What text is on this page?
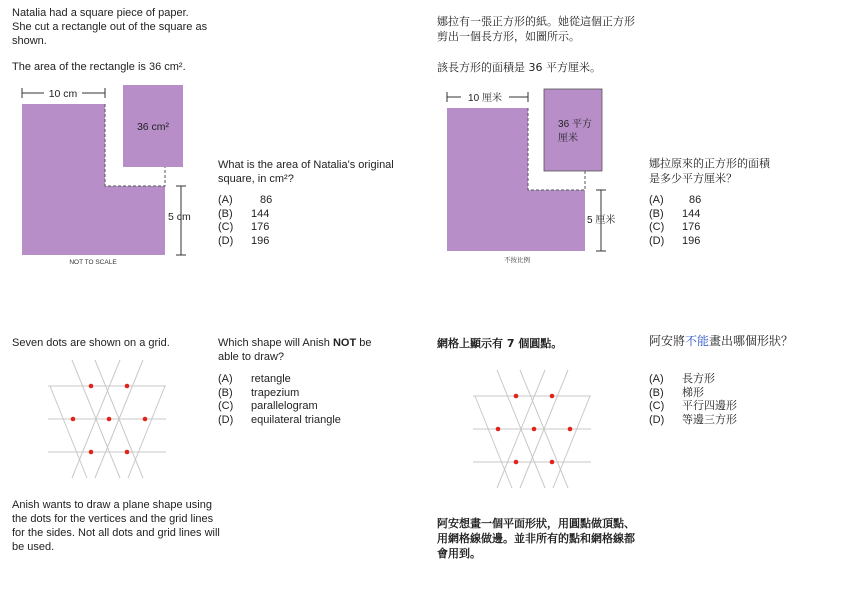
Natalia had a square piece of paper.
She cut a rectangle out of the square as
shown.
The area of the rectangle is 36 cm².
10 cm
36 cm²
5 cm
NOT TO SCALE
What is the area of Natalia's original
square, in cm²?
(A) 86
(B) 144
(C) 176
(D) 196
娜拉有一張正方形的紙。她從這個正方形
剪出一個長方形，如圖所示。
該長方形的面積是 36 平方厘米。
10 厘米
36 平方
厘米
5 厘米
不按比例
娜拉原來的正方形的面積
是多少平方厘米？
(A) 86
(B) 144
(C) 176
(D) 196
Seven dots are shown on a grid.	Which shape will Anish NOT be
able to draw?
(A) retangle
(B) trapezium
(C) parallelogram
(D) equilateral triangle
Anish wants to draw a plane shape using
the dots for the vertices and the grid lines
for the sides. Not all dots and grid lines will
be used.
網格上顯示有 7 個圓點。	阿安將不能畫出哪個形狀？
(A) 長方形
(B) 梯形
(C) 平行四邊形
(D) 等邊三方形
阿安想畫一個平面形狀，用圓點做頂點、
用網格線做邊。並非所有的點和網格線都
會用到。
